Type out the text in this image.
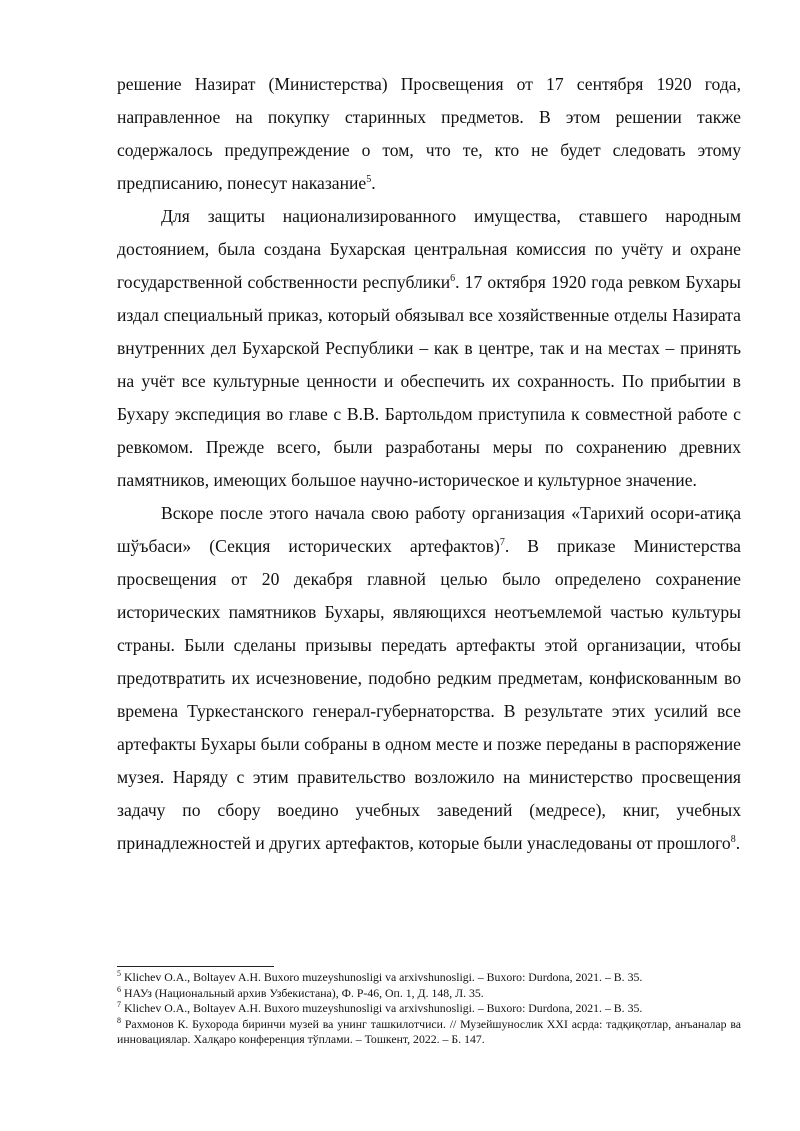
решение Назират (Министерства) Просвещения от 17 сентября 1920 года, направленное на покупку старинных предметов. В этом решении также содержалось предупреждение о том, что те, кто не будет следовать этому предписанию, понесут наказание$^5$.

Для защиты национализированного имущества, ставшего народным достоянием, была создана Бухарская центральная комиссия по учёту и охране государственной собственности республики$^6$. 17 октября 1920 года ревком Бухары издал специальный приказ, который обязывал все хозяйственные отделы Назирата внутренних дел Бухарской Республики – как в центре, так и на местах – принять на учёт все культурные ценности и обеспечить их сохранность. По прибытии в Бухару экспедиция во главе с В.В. Бартольдом приступила к совместной работе с ревкомом. Прежде всего, были разработаны меры по сохранению древних памятников, имеющих большое научно-историческое и культурное значение.

Вскоре после этого начала свою работу организация «Тарихий осори-атиқа шўъбаси» (Секция исторических артефактов)$^7$. В приказе Министерства просвещения от 20 декабря главной целью было определено сохранение исторических памятников Бухары, являющихся неотъемлемой частью культуры страны. Были сделаны призывы передать артефакты этой организации, чтобы предотвратить их исчезновение, подобно редким предметам, конфискованным во времена Туркестанского генерал-губернаторства. В результате этих усилий все артефакты Бухары были собраны в одном месте и позже переданы в распоряжение музея. Наряду с этим правительство возложило на министерство просвещения задачу по сбору воедино учебных заведений (медресе), книг, учебных принадлежностей и других артефактов, которые были унаследованы от прошлого$^8$.

$^5$ Klichev O.A., Boltayev A.H. Buxoro muzeyshunosligi va arxivshunosligi. – Buxoro: Durdona, 2021. – B. 35.

$^6$ НАУз (Национальный архив Узбекистана), Ф. Р-46, Оп. 1, Д. 148, Л. 35.

$^7$ Klichev O.A., Boltayev A.H. Buxoro muzeyshunosligi va arxivshunosligi. – Buxoro: Durdona, 2021. – B. 35.

$^8$ Рахмонов К. Бухорода биринчи музей ва унинг ташкилотчиси. // Музейшунослик XXI асрда: тадқиқотлар, анъаналар ва инновациялар. Халқаро конференция тўплами. – Тошкент, 2022. – Б. 147.
